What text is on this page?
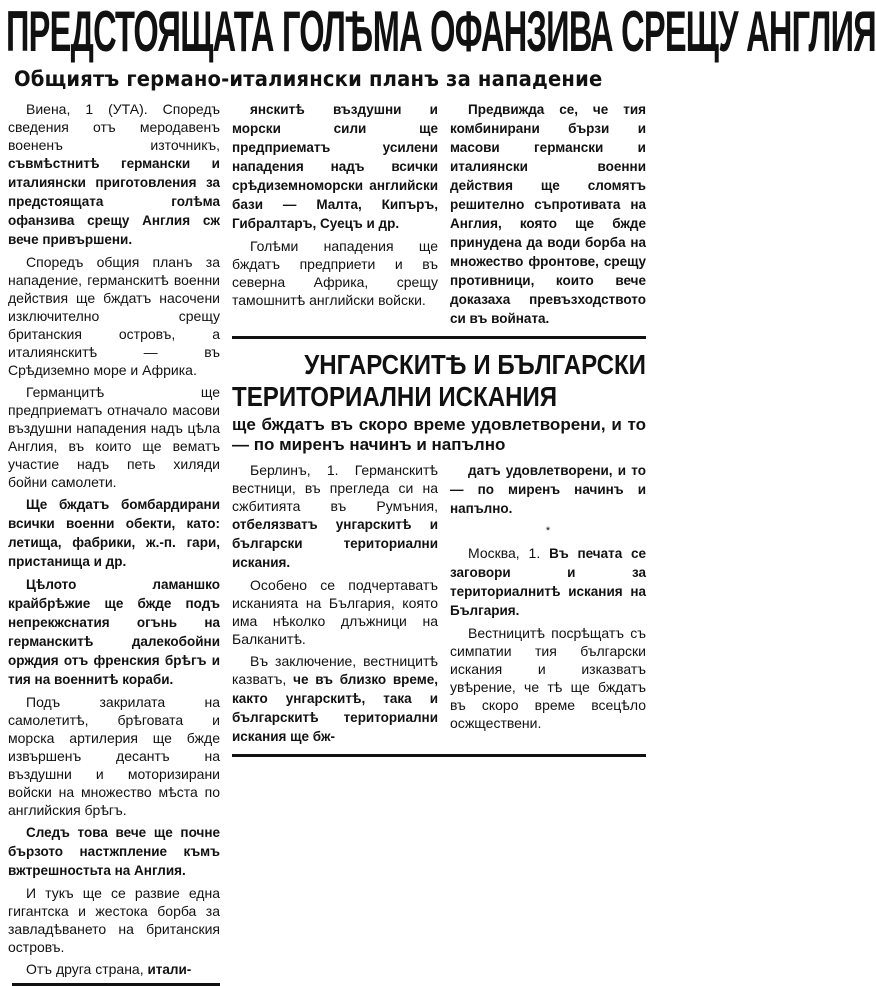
ПРЕДСТОЯЩАТА ГОЛѢМА ОФАНЗИВА СРЕЩУ АНГЛИЯ
Общиятъ германо-италиянски планъ за нападение

Виена, 1 (УТА). Споредъ сведения отъ меродавенъ воененъ източникъ, съвмѣстнитѣ германски и италиянски приготовления за предстоящата голѣма офанзива срещу Англия сж вече привършени.

Споредъ общия планъ за нападение, германскитѣ военни действия ще бждатъ насочени изключително срещу британския островъ, а италиянскитѣ — въ Срѣдиземно море и Африка.

Германцитѣ ще предприематъ отначало масови въздушни нападения надъ цѣла Англия, въ които ще вематъ участие надъ петь хиляди бойни самолети.

Ще бждатъ бомбардирани всички военни обекти, като: летища, фабрики, ж.-п. гари, пристанища и др.

Цѣлото ламаншко крайбрѣжие ще бжде подъ непрекжснатия огънь на германскитѣ далекобойни орждия отъ френския брѣгъ и тия на военнитѣ кораби.

Подъ закрилата на самолетитѣ, брѣговата и морска артилерия ще бжде извършенъ десантъ на въздушни и моторизирани войски на множество мѣста по английския брѣгъ.

Следъ това вече ще почне бързото настжпление къмъ вжтрешностьта на Англия.

И тукъ ще се развие една гигантска и жестока борба за завладѣването на британския островъ.

Отъ друга страна, итали-

янскитѣ въздушни и морски сили ще предприематъ усилени нападения надъ всички срѣдиземноморски английски бази — Малта, Кипъръ, Гибралтаръ, Суецъ и др.

Голѣми нападения ще бждатъ предприети и въ северна Африка, срещу тамошнитѣ английски войски.

Предвижда се, че тия комбинирани бързи и масови германски и италиянски военни действия ще сломятъ решително съпротивата на Англия, която ще бжде принудена да води борба на множество фронтове, срещу противници, които вече доказаха превъзходството си въ войната.

УНГАРСКИТѢ И БЪЛГАРСКИ
ТЕРИТОРИАЛНИ ИСКАНИЯ
ще бждатъ въ скоро време удовлетворени, и то — по миренъ начинъ и напълно

Берлинъ, 1. Германскитѣ вестници, въ прегледа си на сжбитията въ Румъния, отбелязватъ унгарскитѣ и български териториални искания.

Особено се подчертаватъ исканията на България, която има нѣколко длъжници на Балканитѣ.

Въ заключение, вестницитѣ казватъ, че въ близко време, както унгарскитѣ, така и българскитѣ териториални искания ще бж-

датъ удовлетворени, и то — по миренъ начинъ и напълно.

*

Москва, 1. Въ печата се заговори и за териториалнитѣ искания на България.

Вестницитѣ посрѣщатъ съ симпатии тия български искания и изказватъ увѣрение, че тѣ ще бждатъ въ скоро време всецѣло осжществени.
